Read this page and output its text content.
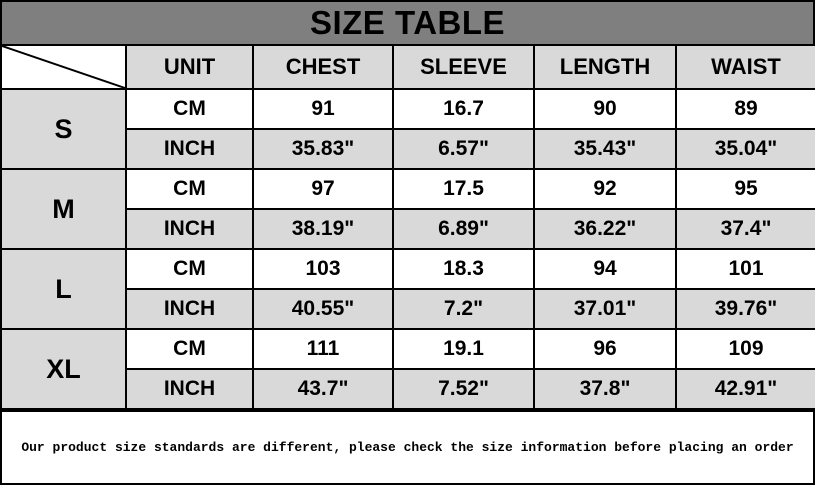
SIZE TABLE
	UNIT	CHEST	SLEEVE	LENGTH	WAIST
S	CM	91	16.7	90	89
	INCH	35.83"	6.57"	35.43"	35.04"
M	CM	97	17.5	92	95
	INCH	38.19"	6.89"	36.22"	37.4"
L	CM	103	18.3	94	101
	INCH	40.55"	7.2"	37.01"	39.76"
XL	CM	111	19.1	96	109
	INCH	43.7"	7.52"	37.8"	42.91"
Our product size standards are different, please check the size information before placing an order
